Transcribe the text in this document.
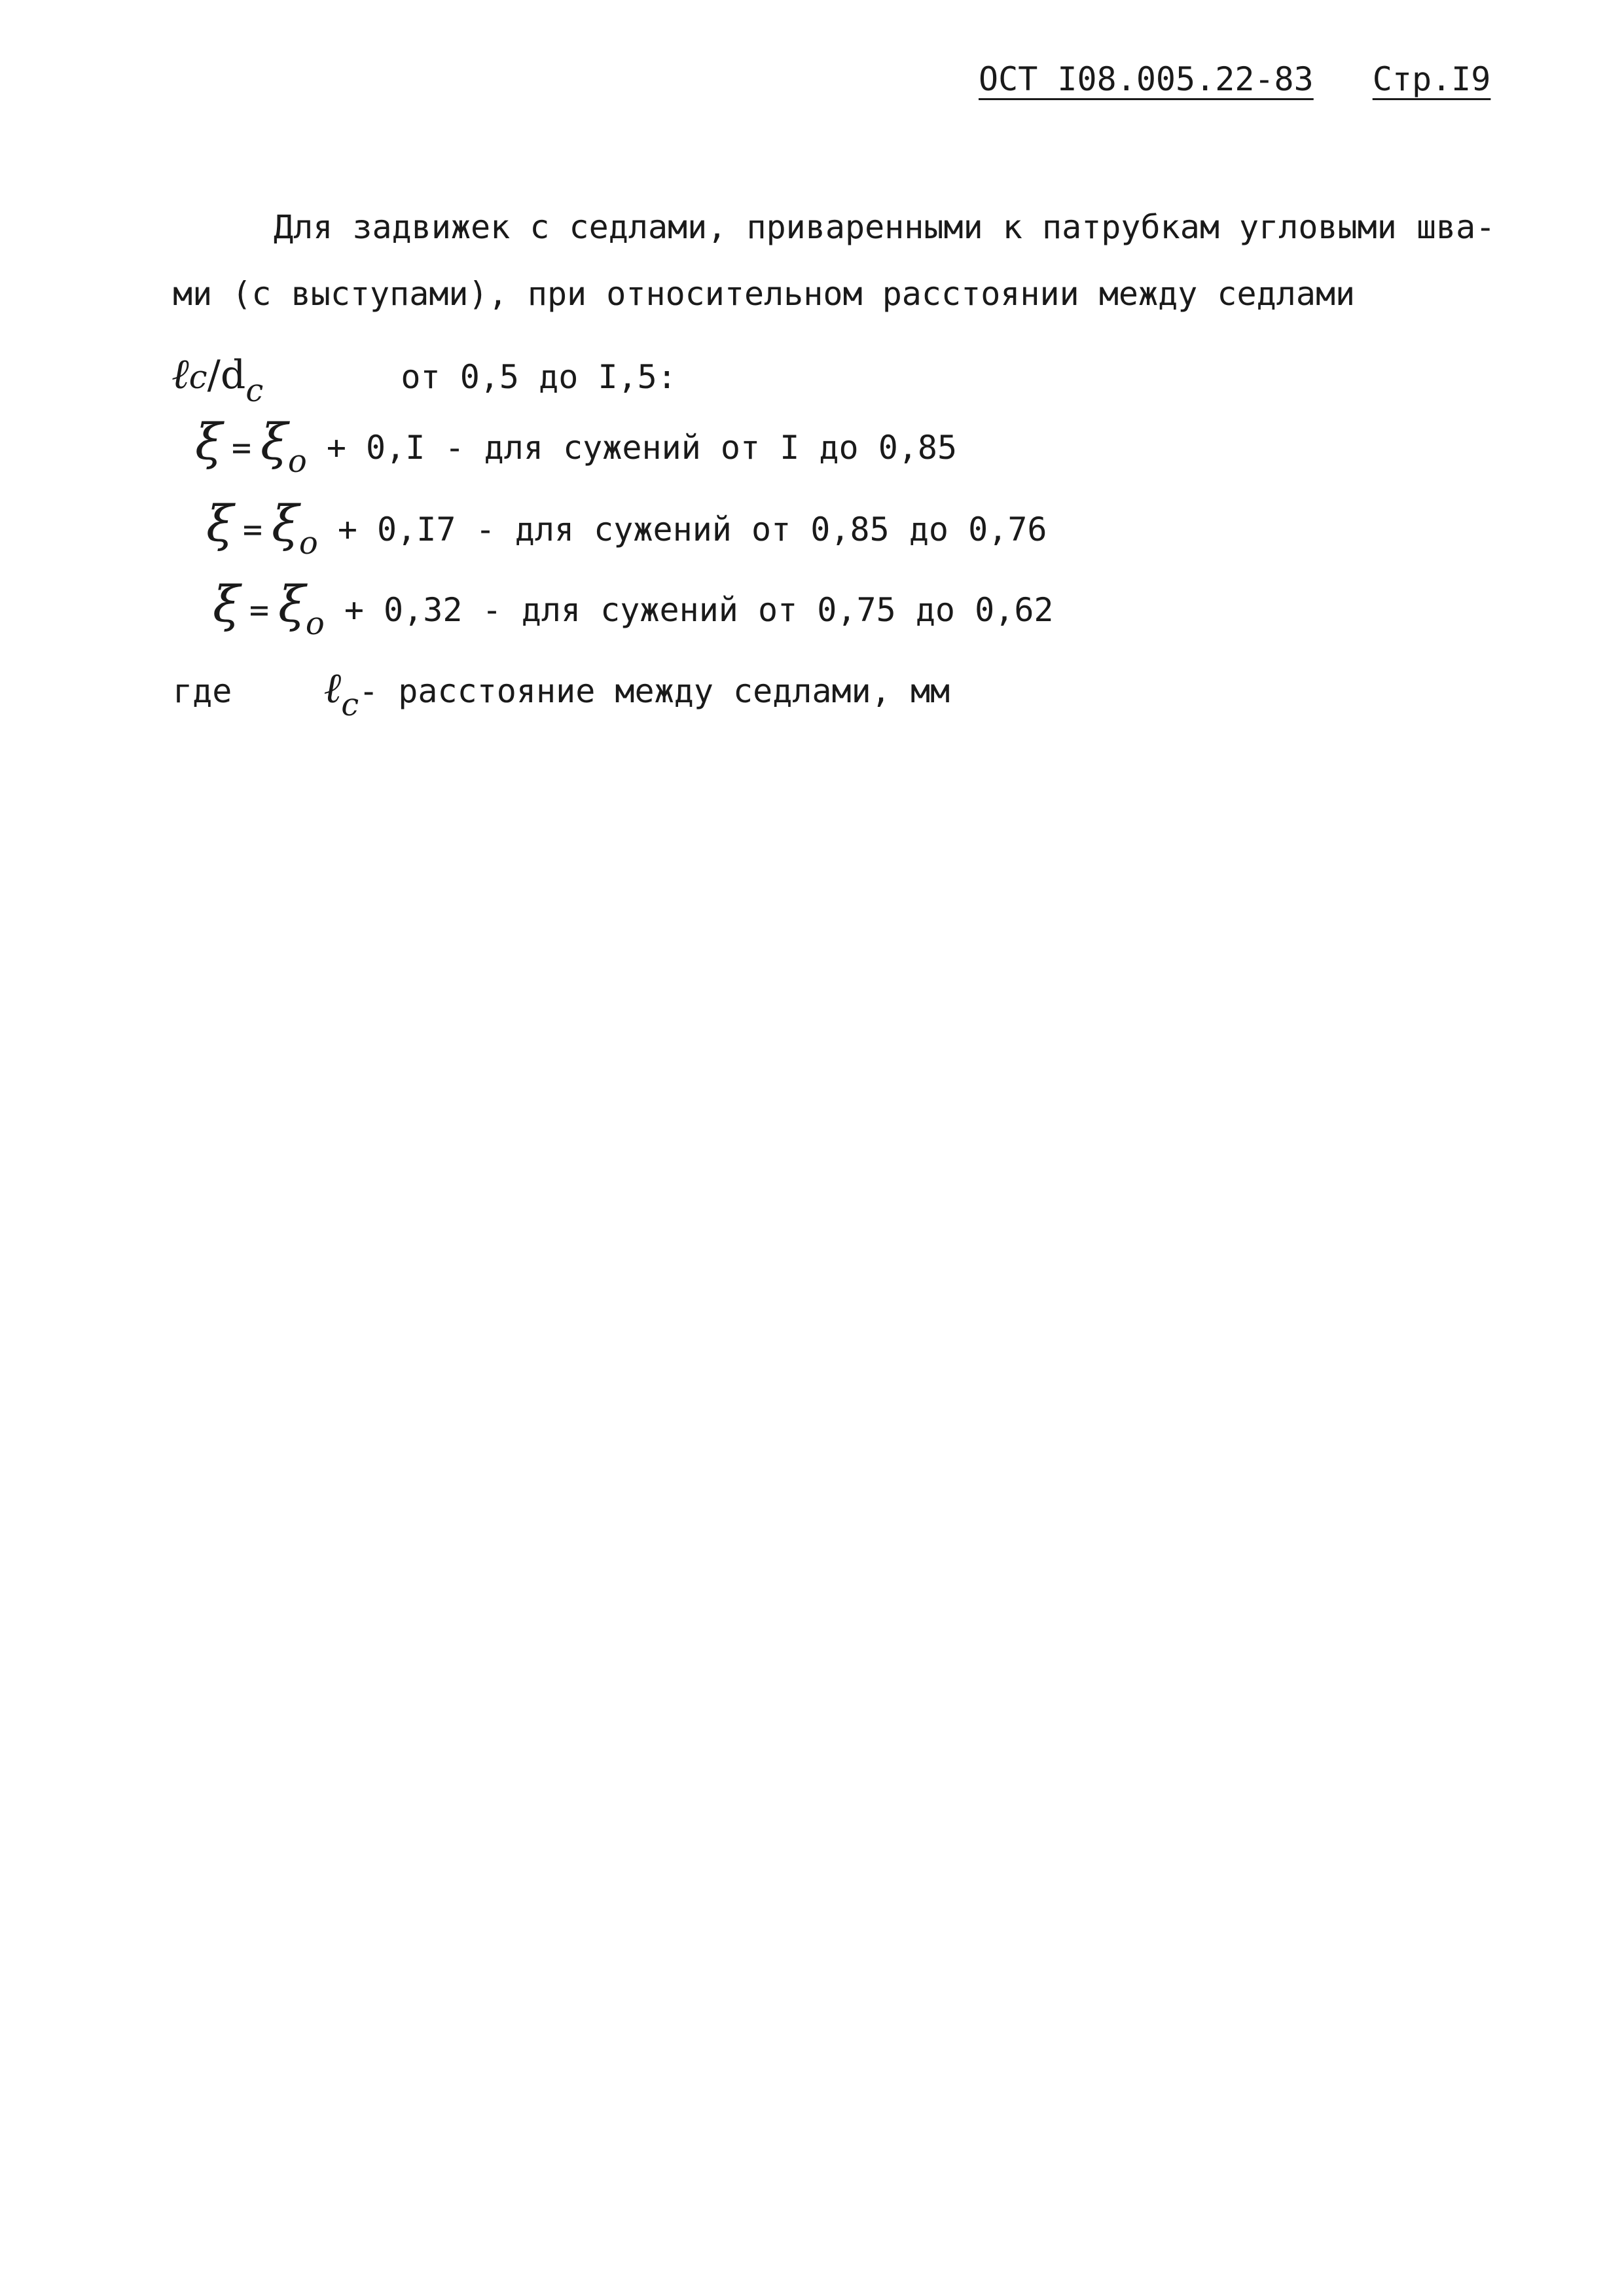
ОСТ I08.005.22-83 Стр.I9
Для задвижек с седлами, приваренными к патрубкам угловыми шва-
ми (с выступами), при относительном расстоянии между седлами
ℓc/dc	от 0,5 до I,5:
ξ = ξo + 0,I - для сужений от I до 0,85
ξ = ξo + 0,I7 - для сужений от 0,85 до 0,76
ξ = ξo + 0,32 - для сужений от 0,75 до 0,62
где ℓc- расстояние между седлами, мм
